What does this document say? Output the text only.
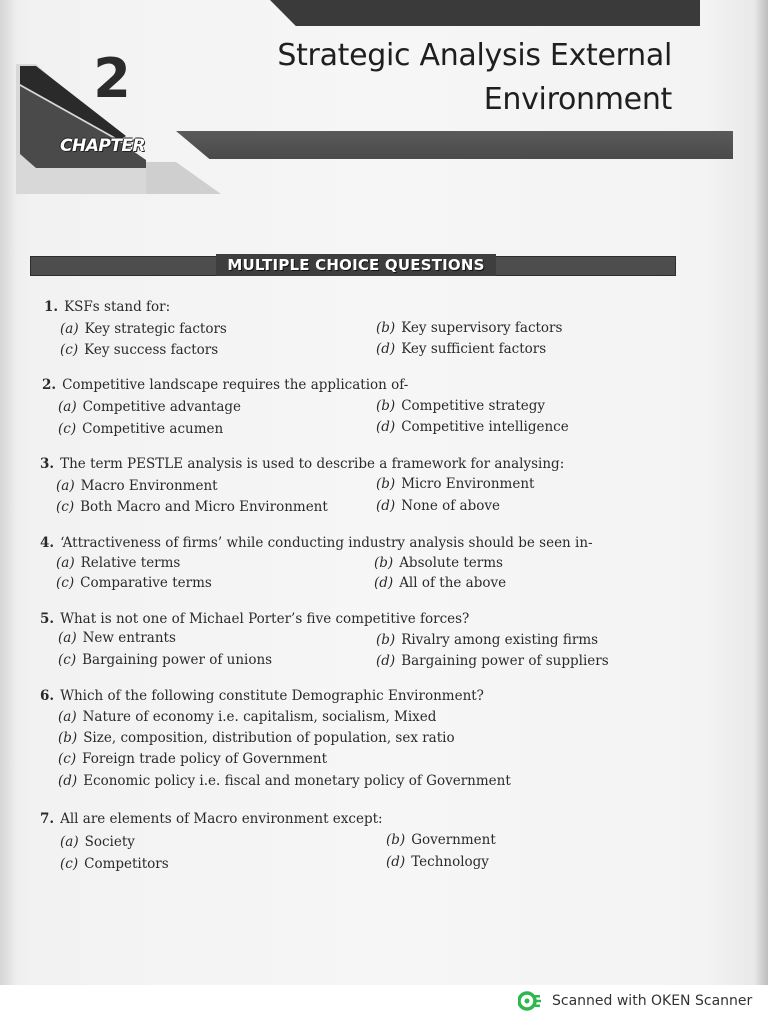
2
CHAPTER
Strategic Analysis External
Environment
MULTIPLE CHOICE QUESTIONS
1. KSFs stand for:
(a) Key strategic factors	(b) Key supervisory factors
(c) Key success factors	(d) Key sufficient factors
2. Competitive landscape requires the application of-
(a) Competitive advantage	(b) Competitive strategy
(c) Competitive acumen	(d) Competitive intelligence
3. The term PESTLE analysis is used to describe a framework for analysing:
(a) Macro Environment	(b) Micro Environment
(c) Both Macro and Micro Environment	(d) None of above
4. ‘Attractiveness of firms’ while conducting industry analysis should be seen in-
(a) Relative terms	(b) Absolute terms
(c) Comparative terms	(d) All of the above
5. What is not one of Michael Porter’s five competitive forces?
(a) New entrants	(b) Rivalry among existing firms
(c) Bargaining power of unions	(d) Bargaining power of suppliers
6. Which of the following constitute Demographic Environment?
(a) Nature of economy i.e. capitalism, socialism, Mixed
(b) Size, composition, distribution of population, sex ratio
(c) Foreign trade policy of Government
(d) Economic policy i.e. fiscal and monetary policy of Government
7. All are elements of Macro environment except:
(a) Society	(b) Government
(c) Competitors	(d) Technology
Scanned with OKEN Scanner
